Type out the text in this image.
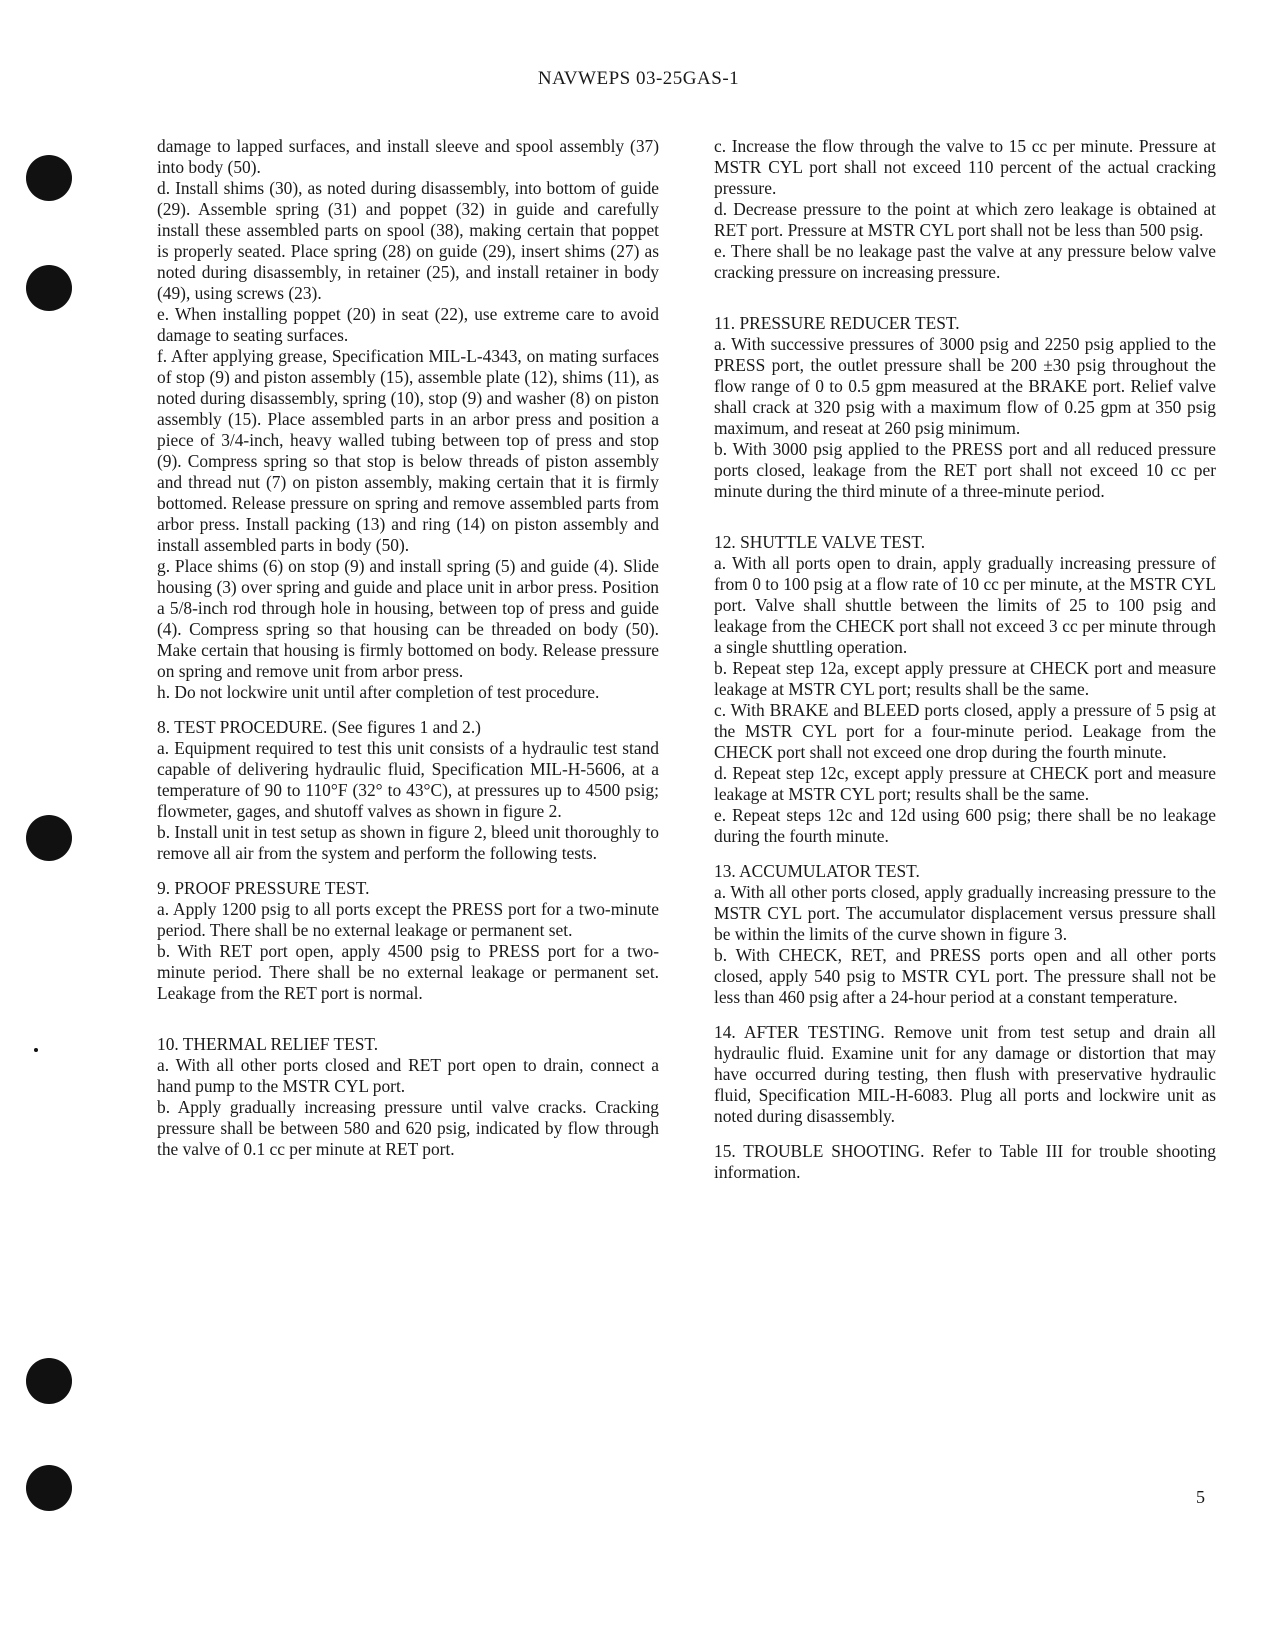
NAVWEPS 03-25GAS-1

damage to lapped surfaces, and install sleeve and spool assembly (37) into body (50).

d. Install shims (30), as noted during disassembly, into bottom of guide (29). Assemble spring (31) and poppet (32) in guide and carefully install these assembled parts on spool (38), making certain that poppet is properly seated. Place spring (28) on guide (29), insert shims (27) as noted during disassembly, in retainer (25), and install retainer in body (49), using screws (23).

e. When installing poppet (20) in seat (22), use extreme care to avoid damage to seating surfaces.

f. After applying grease, Specification MIL-L-4343, on mating surfaces of stop (9) and piston assembly (15), assemble plate (12), shims (11), as noted during disassembly, spring (10), stop (9) and washer (8) on piston assembly (15). Place assembled parts in an arbor press and position a piece of 3/4-inch, heavy walled tubing between top of press and stop (9). Compress spring so that stop is below threads of piston assembly and thread nut (7) on piston assembly, making certain that it is firmly bottomed. Release pressure on spring and remove assembled parts from arbor press. Install packing (13) and ring (14) on piston assembly and install assembled parts in body (50).

g. Place shims (6) on stop (9) and install spring (5) and guide (4). Slide housing (3) over spring and guide and place unit in arbor press. Position a 5/8-inch rod through hole in housing, between top of press and guide (4). Compress spring so that housing can be threaded on body (50). Make certain that housing is firmly bottomed on body. Release pressure on spring and remove unit from arbor press.

h. Do not lockwire unit until after completion of test procedure.

8. TEST PROCEDURE. (See figures 1 and 2.)

a. Equipment required to test this unit consists of a hydraulic test stand capable of delivering hydraulic fluid, Specification MIL-H-5606, at a temperature of 90 to 110°F (32° to 43°C), at pressures up to 4500 psig; flowmeter, gages, and shutoff valves as shown in figure 2.

b. Install unit in test setup as shown in figure 2, bleed unit thoroughly to remove all air from the system and perform the following tests.

9. PROOF PRESSURE TEST.

a. Apply 1200 psig to all ports except the PRESS port for a two-minute period. There shall be no external leakage or permanent set.

b. With RET port open, apply 4500 psig to PRESS port for a two-minute period. There shall be no external leakage or permanent set. Leakage from the RET port is normal.

10. THERMAL RELIEF TEST.

a. With all other ports closed and RET port open to drain, connect a hand pump to the MSTR CYL port.

b. Apply gradually increasing pressure until valve cracks. Cracking pressure shall be between 580 and 620 psig, indicated by flow through the valve of 0.1 cc per minute at RET port.

c. Increase the flow through the valve to 15 cc per minute. Pressure at MSTR CYL port shall not exceed 110 percent of the actual cracking pressure.

d. Decrease pressure to the point at which zero leakage is obtained at RET port. Pressure at MSTR CYL port shall not be less than 500 psig.

e. There shall be no leakage past the valve at any pressure below valve cracking pressure on increasing pressure.

11. PRESSURE REDUCER TEST.

a. With successive pressures of 3000 psig and 2250 psig applied to the PRESS port, the outlet pressure shall be 200 ±30 psig throughout the flow range of 0 to 0.5 gpm measured at the BRAKE port. Relief valve shall crack at 320 psig with a maximum flow of 0.25 gpm at 350 psig maximum, and reseat at 260 psig minimum.

b. With 3000 psig applied to the PRESS port and all reduced pressure ports closed, leakage from the RET port shall not exceed 10 cc per minute during the third minute of a three-minute period.

12. SHUTTLE VALVE TEST.

a. With all ports open to drain, apply gradually increasing pressure of from 0 to 100 psig at a flow rate of 10 cc per minute, at the MSTR CYL port. Valve shall shuttle between the limits of 25 to 100 psig and leakage from the CHECK port shall not exceed 3 cc per minute through a single shuttling operation.

b. Repeat step 12a, except apply pressure at CHECK port and measure leakage at MSTR CYL port; results shall be the same.

c. With BRAKE and BLEED ports closed, apply a pressure of 5 psig at the MSTR CYL port for a four-minute period. Leakage from the CHECK port shall not exceed one drop during the fourth minute.

d. Repeat step 12c, except apply pressure at CHECK port and measure leakage at MSTR CYL port; results shall be the same.

e. Repeat steps 12c and 12d using 600 psig; there shall be no leakage during the fourth minute.

13. ACCUMULATOR TEST.

a. With all other ports closed, apply gradually increasing pressure to the MSTR CYL port. The accumulator displacement versus pressure shall be within the limits of the curve shown in figure 3.

b. With CHECK, RET, and PRESS ports open and all other ports closed, apply 540 psig to MSTR CYL port. The pressure shall not be less than 460 psig after a 24-hour period at a constant temperature.

14. AFTER TESTING. Remove unit from test setup and drain all hydraulic fluid. Examine unit for any damage or distortion that may have occurred during testing, then flush with preservative hydraulic fluid, Specification MIL-H-6083. Plug all ports and lockwire unit as noted during disassembly.

15. TROUBLE SHOOTING. Refer to Table III for trouble shooting information.

5
